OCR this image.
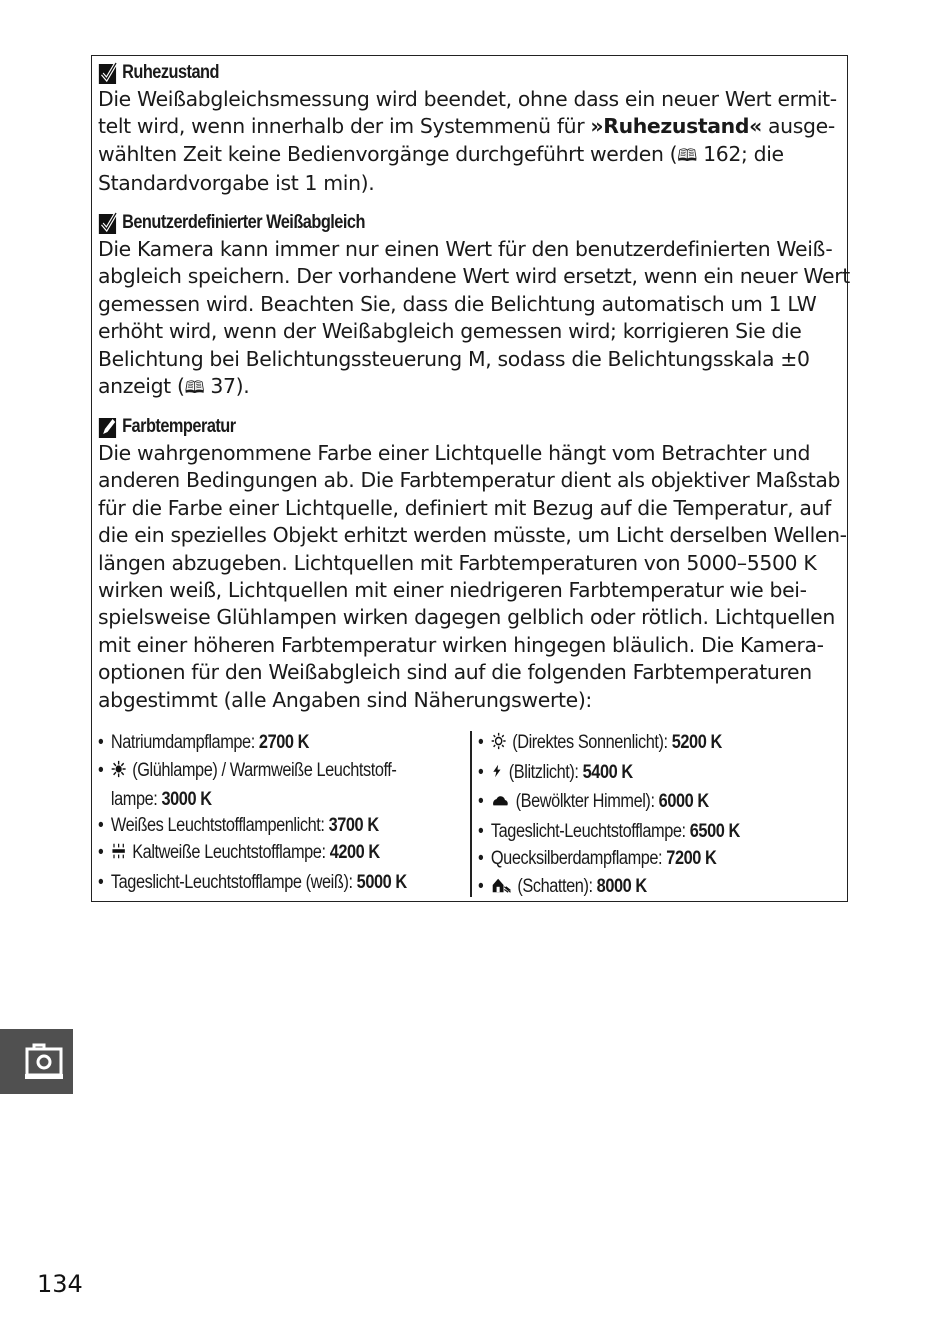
Ruhezustand
Die Weißabgleichsmessung wird beendet, ohne dass ein neuer Wert ermit-
telt wird, wenn innerhalb der im Systemmenü für »Ruhezustand« ausge-
wählten Zeit keine Bedienvorgänge durchgeführt werden (🕮 162; die
Standardvorgabe ist 1 min).
Benutzerdefinierter Weißabgleich
Die Kamera kann immer nur einen Wert für den benutzerdefinierten Weiß-
abgleich speichern. Der vorhandene Wert wird ersetzt, wenn ein neuer Wert
gemessen wird. Beachten Sie, dass die Belichtung automatisch um 1 LW
erhöht wird, wenn der Weißabgleich gemessen wird; korrigieren Sie die
Belichtung bei Belichtungssteuerung M, sodass die Belichtungsskala ±0
anzeigt (🕮 37).
Farbtemperatur
Die wahrgenommene Farbe einer Lichtquelle hängt vom Betrachter und
anderen Bedingungen ab. Die Farbtemperatur dient als objektiver Maßstab
für die Farbe einer Lichtquelle, definiert mit Bezug auf die Temperatur, auf
die ein spezielles Objekt erhitzt werden müsste, um Licht derselben Wellen-
längen abzugeben. Lichtquellen mit Farbtemperaturen von 5000–5500 K
wirken weiß, Lichtquellen mit einer niedrigeren Farbtemperatur wie bei-
spielsweise Glühlampen wirken dagegen gelblich oder rötlich. Lichtquellen
mit einer höheren Farbtemperatur wirken hingegen bläulich. Die Kamera-
optionen für den Weißabgleich sind auf die folgenden Farbtemperaturen
abgestimmt (alle Angaben sind Näherungswerte):
• Natriumdampflampe: 2700 K
• (Glühlampe) / Warmweiße Leuchtstoff-
lampe: 3000 K
• Weißes Leuchtstofflampenlicht: 3700 K
• Kaltweiße Leuchtstofflampe: 4200 K
• Tageslicht-Leuchtstofflampe (weiß): 5000 K
• (Direktes Sonnenlicht): 5200 K
• (Blitzlicht): 5400 K
• (Bewölkter Himmel): 6000 K
• Tageslicht-Leuchtstofflampe: 6500 K
• Quecksilberdampflampe: 7200 K
• (Schatten): 8000 K
134
